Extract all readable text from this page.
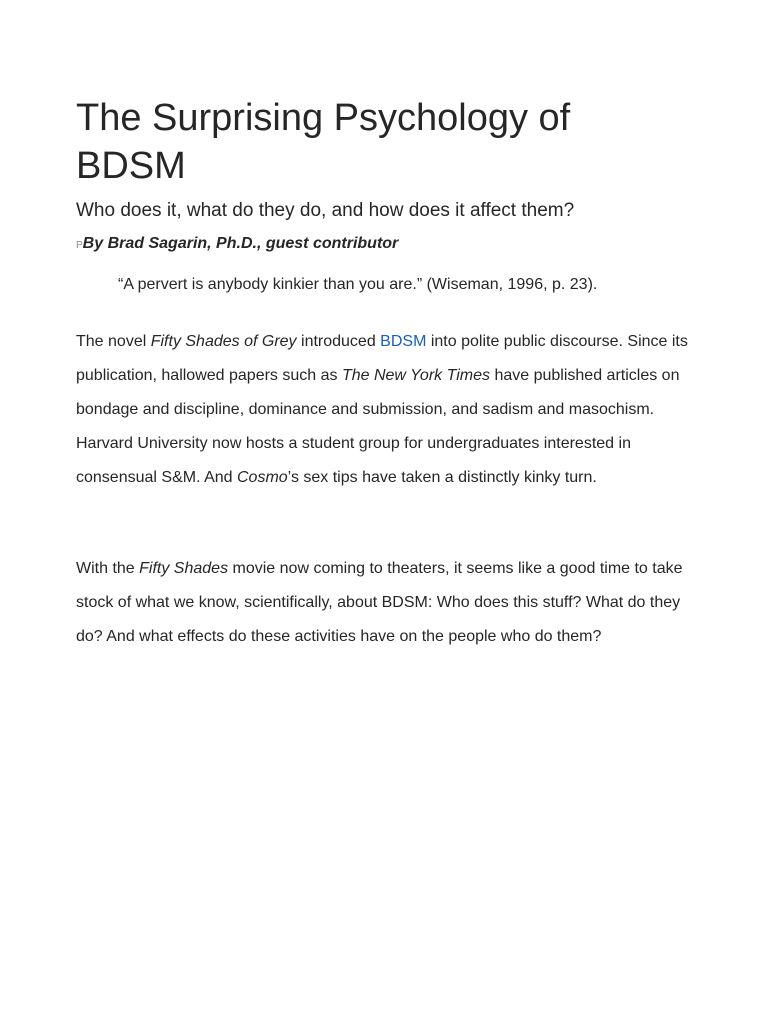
The Surprising Psychology of BDSM

Who does it, what do they do, and how does it affect them?

PBy Brad Sagarin, Ph.D., guest contributor

“A pervert is anybody kinkier than you are.” (Wiseman, 1996, p. 23).

The novel Fifty Shades of Grey introduced BDSM into polite public discourse. Since its publication, hallowed papers such as The New York Times have published articles on bondage and discipline, dominance and submission, and sadism and masochism. Harvard University now hosts a student group for undergraduates interested in consensual S&M. And Cosmo’s sex tips have taken a distinctly kinky turn.

With the Fifty Shades movie now coming to theaters, it seems like a good time to take stock of what we know, scientifically, about BDSM: Who does this stuff? What do they do? And what effects do these activities have on the people who do them?
